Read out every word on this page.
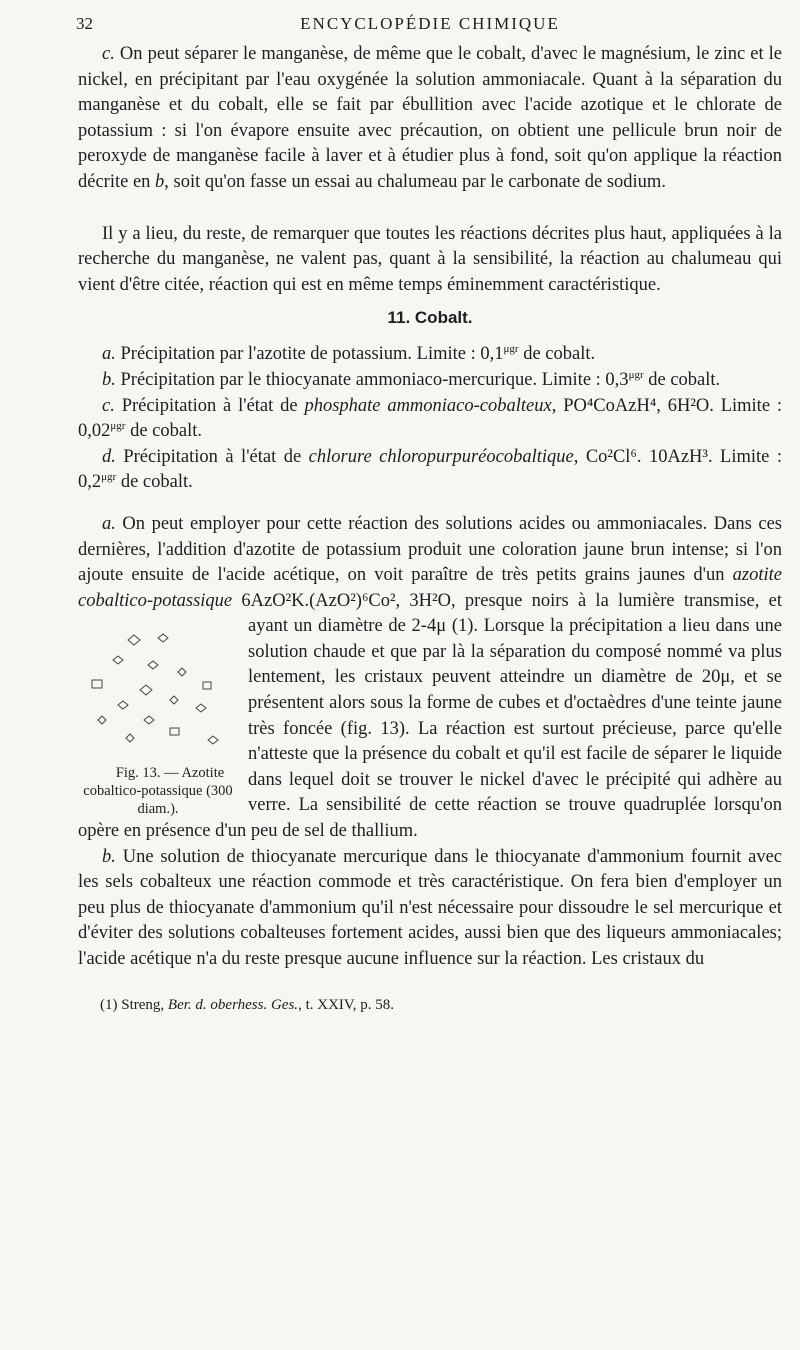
32	ENCYCLOPÉDIE CHIMIQUE

c. On peut séparer le manganèse, de même que le cobalt, d'avec le magnésium, le zinc et le nickel, en précipitant par l'eau oxygénée la solution ammoniacale. Quant à la séparation du manganèse et du cobalt, elle se fait par ébullition avec l'acide azotique et le chlorate de potassium : si l'on évapore ensuite avec précaution, on obtient une pellicule brun noir de peroxyde de manganèse facile à laver et à étudier plus à fond, soit qu'on applique la réaction décrite en b, soit qu'on fasse un essai au chalumeau par le carbonate de sodium.

Il y a lieu, du reste, de remarquer que toutes les réactions décrites plus haut, appliquées à la recherche du manganèse, ne valent pas, quant à la sensibilité, la réaction au chalumeau qui vient d'être citée, réaction qui est en même temps éminemment caractéristique.

11. Cobalt.

a. Précipitation par l'azotite de potassium. Limite : $0,1^{\mu gr}$ de cobalt.

b. Précipitation par le thiocyanate ammoniaco-mercurique. Limite : $0,3^{\mu gr}$ de cobalt.

c. Précipitation à l'état de phosphate ammoniaco-cobalteux, PO⁴CoAzH⁴, 6H²O. Limite : $0,02^{\mu gr}$ de cobalt.

d. Précipitation à l'état de chlorure chloropurpuréocobaltique, Co²Cl⁶. 10AzH³. Limite : $0,2^{\mu gr}$ de cobalt.

a. On peut employer pour cette réaction des solutions acides ou ammoniacales. Dans ces dernières, l'addition d'azotite de potassium produit une coloration jaune brun intense; si l'on ajoute ensuite de l'acide acétique, on voit paraître de très petits grains jaunes d'un azotite cobaltico-potassique 6AzO²K.(AzO²)⁶Co², 3H²O, presque noirs à la lumière transmise, et ayant un diamètre de 2-4μ (1).
Fig. 13. — Azotite cobaltico-potassique (300 diam.).
Lorsque la précipitation a lieu dans une solution chaude et que par là la séparation du composé nommé va plus lentement, les cristaux peuvent atteindre un diamètre de 20μ, et se présentent alors sous la forme de cubes et d'octaèdres d'une teinte jaune très foncée (fig. 13). La réaction est surtout précieuse, parce qu'elle n'atteste que la présence du cobalt et qu'il est facile de séparer le liquide dans lequel doit se trouver le nickel d'avec le précipité qui adhère au verre. La sensibilité de cette réaction se trouve quadruplée lorsqu'on opère en présence d'un peu de sel de thallium.

b. Une solution de thiocyanate mercurique dans le thiocyanate d'ammonium fournit avec les sels cobalteux une réaction commode et très caractéristique. On fera bien d'employer un peu plus de thiocyanate d'ammonium qu'il n'est nécessaire pour dissoudre le sel mercurique et d'éviter des solutions cobalteuses fortement acides, aussi bien que des liqueurs ammoniacales; l'acide acétique n'a du reste presque aucune influence sur la réaction. Les cristaux du

(1) Streng, Ber. d. oberhess. Ges., t. XXIV, p. 58.
